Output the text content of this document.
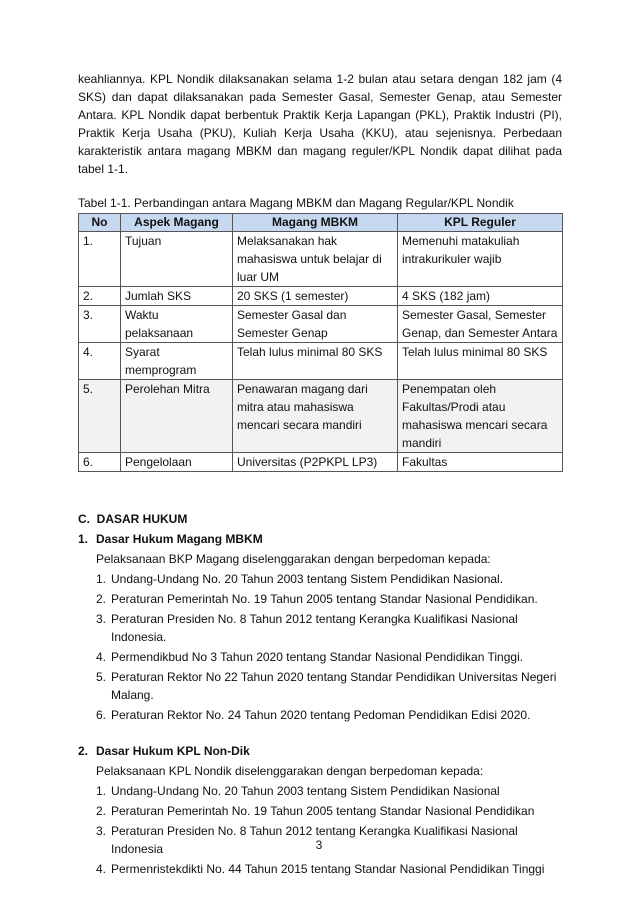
keahliannya. KPL Nondik dilaksanakan selama 1-2 bulan atau setara dengan 182 jam (4 SKS) dan dapat dilaksanakan pada Semester Gasal, Semester Genap, atau Semester Antara. KPL Nondik dapat berbentuk Praktik Kerja Lapangan (PKL), Praktik Industri (PI), Praktik Kerja Usaha (PKU), Kuliah Kerja Usaha (KKU), atau sejenisnya. Perbedaan karakteristik antara magang MBKM dan magang reguler/KPL Nondik dapat dilihat pada tabel 1-1.

Tabel 1-1. Perbandingan antara Magang MBKM dan Magang Regular/KPL Nondik
No	Aspek Magang	Magang MBKM	KPL Reguler
1.	Tujuan	Melaksanakan hak mahasiswa untuk belajar di luar UM	Memenuhi matakuliah intrakurikuler wajib
2.	Jumlah SKS	20 SKS (1 semester)	4 SKS (182 jam)
3.	Waktu pelaksanaan	Semester Gasal dan Semester Genap	Semester Gasal, Semester Genap, dan Semester Antara
4.	Syarat memprogram	Telah lulus minimal 80 SKS	Telah lulus minimal 80 SKS
5.	Perolehan Mitra	Penawaran magang dari mitra atau mahasiswa mencari secara mandiri	Penempatan oleh Fakultas/Prodi atau mahasiswa mencari secara mandiri
6.	Pengelolaan	Universitas (P2PKPL LP3)	Fakultas
C.  DASAR HUKUM
1. Dasar Hukum Magang MBKM
Pelaksanaan BKP Magang diselenggarakan dengan berpedoman kepada:
1. Undang-Undang No. 20 Tahun 2003 tentang Sistem Pendidikan Nasional.
2. Peraturan Pemerintah No. 19 Tahun 2005 tentang Standar Nasional Pendidikan.
3. Peraturan Presiden No. 8 Tahun 2012 tentang Kerangka Kualifikasi Nasional Indonesia.
4. Permendikbud No 3 Tahun 2020 tentang Standar Nasional Pendidikan Tinggi.
5. Peraturan Rektor No 22 Tahun 2020 tentang Standar Pendidikan Universitas Negeri Malang.
6. Peraturan Rektor No. 24 Tahun 2020 tentang Pedoman Pendidikan Edisi 2020.
2. Dasar Hukum KPL Non-Dik
Pelaksanaan KPL Nondik diselenggarakan dengan berpedoman kepada:
1. Undang-Undang No. 20 Tahun 2003 tentang Sistem Pendidikan Nasional
2. Peraturan Pemerintah No. 19 Tahun 2005 tentang Standar Nasional Pendidikan
3. Peraturan Presiden No. 8 Tahun 2012 tentang Kerangka Kualifikasi Nasional Indonesia
4. Permenristekdikti No. 44 Tahun 2015 tentang Standar Nasional Pendidikan Tinggi
3
